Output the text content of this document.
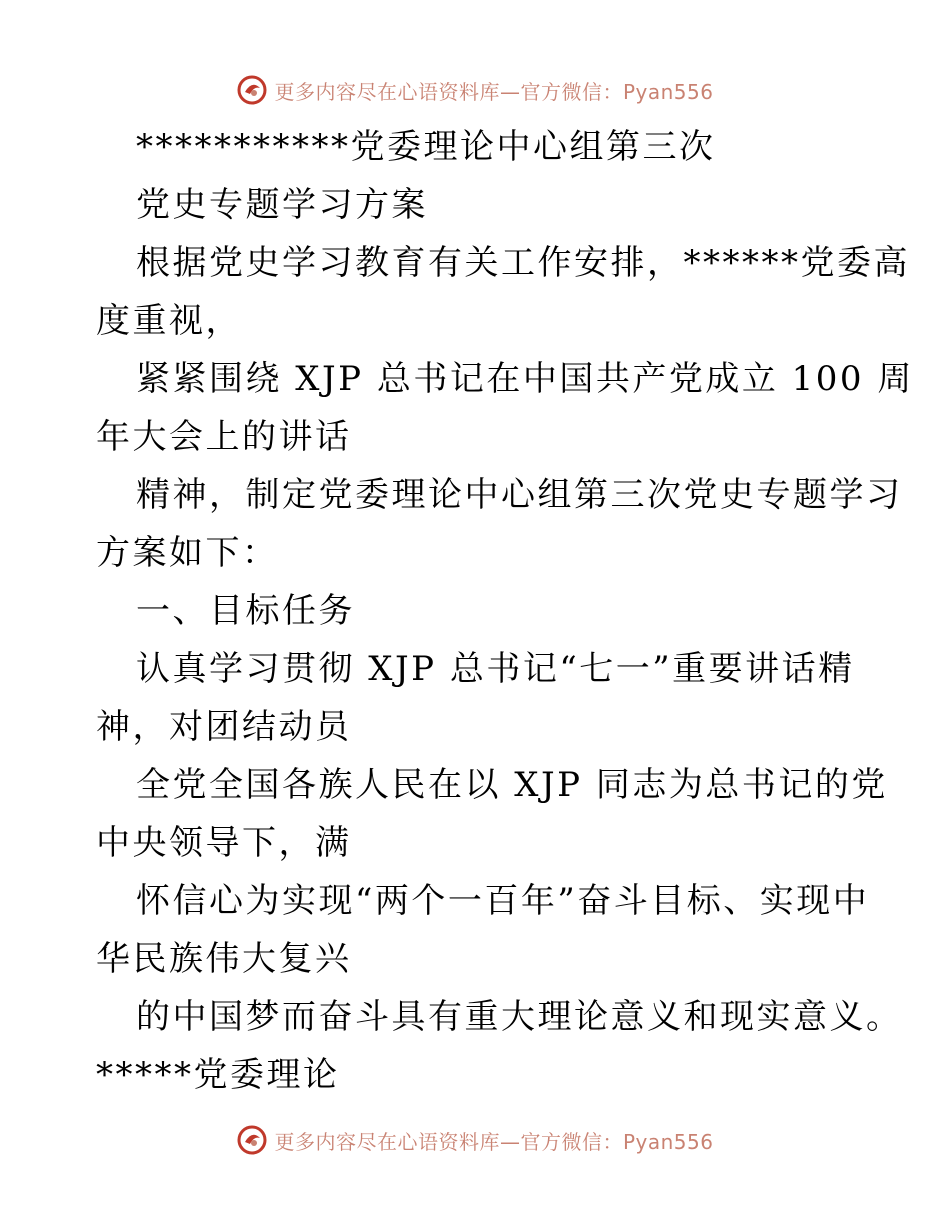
更多内容尽在心语资料库—官方微信：Pyan556
***********党委理论中心组第三次
党史专题学习方案
根据党史学习教育有关工作安排，******党委高
度重视，
紧紧围绕 XJP 总书记在中国共产党成立 100 周
年大会上的讲话
精神，制定党委理论中心组第三次党史专题学习
方案如下：
一、目标任务
认真学习贯彻 XJP 总书记“七一”重要讲话精
神，对团结动员
全党全国各族人民在以 XJP 同志为总书记的党
中央领导下，满
怀信心为实现“两个一百年”奋斗目标、实现中
华民族伟大复兴
的中国梦而奋斗具有重大理论意义和现实意义。
*****党委理论
更多内容尽在心语资料库—官方微信：Pyan556
